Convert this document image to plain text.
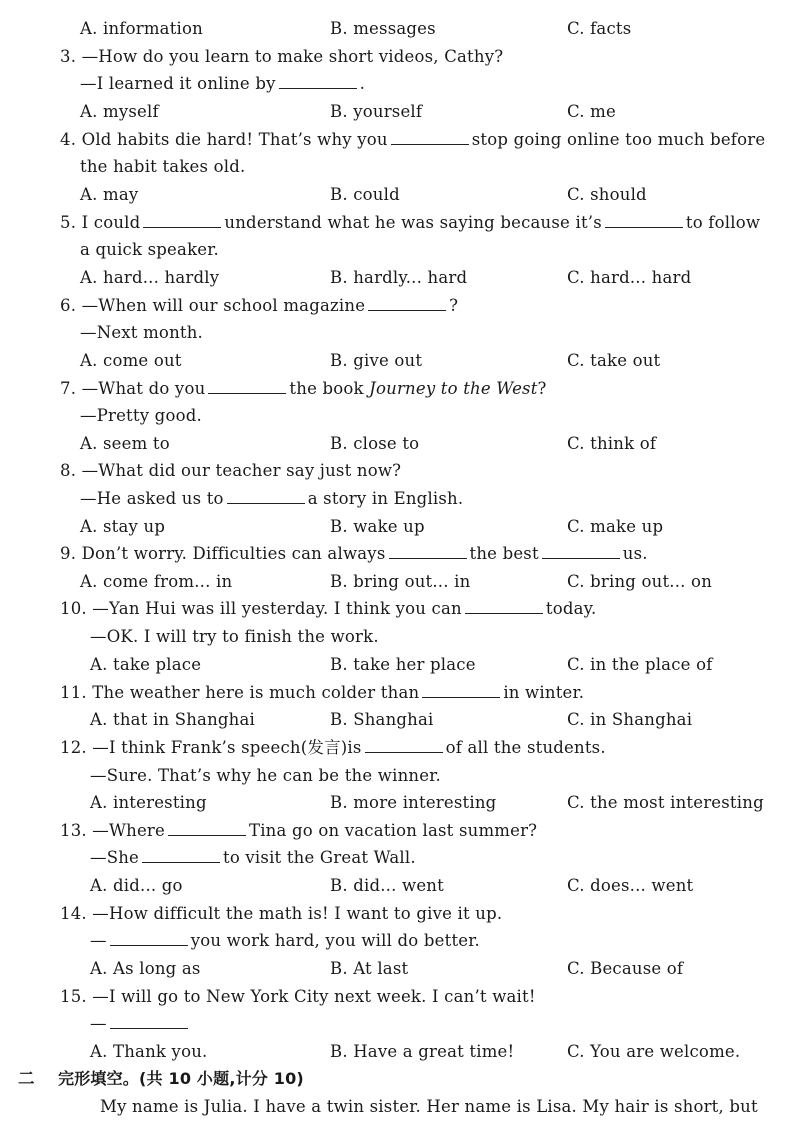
A. information	B. messages	C. facts
3. —How do you learn to make short videos, Cathy?
—I learned it online by	.
A. myself	B. yourself	C. me
4. Old habits die hard! That’s why you	stop going online too much before
the habit takes old.
A. may	B. could	C. should
5. I could	understand what he was saying because it’s	to follow
a quick speaker.
A. hard... hardly	B. hardly... hard	C. hard... hard
6. —When will our school magazine	?
—Next month.
A. come out	B. give out	C. take out
7. —What do you	the book Journey to the West?
—Pretty good.
A. seem to	B. close to	C. think of
8. —What did our teacher say just now?
—He asked us to	a story in English.
A. stay up	B. wake up	C. make up
9. Don’t worry. Difficulties can always	the best	us.
A. come from... in	B. bring out... in	C. bring out... on
10. —Yan Hui was ill yesterday. I think you can	today.
—OK. I will try to finish the work.
A. take place	B. take her place	C. in the place of
11. The weather here is much colder than	in winter.
A. that in Shanghai	B. Shanghai	C. in Shanghai
12. —I think Frank’s speech(发言)is	of all the students.
—Sure. That’s why he can be the winner.
A. interesting	B. more interesting	C. the most interesting
13. —Where	Tina go on vacation last summer?
—She	to visit the Great Wall.
A. did... go	B. did... went	C. does... went
14. —How difficult the math is! I want to give it up.
—	you work hard, you will do better.
A. As long as	B. At last	C. Because of
15. —I will go to New York City next week. I can’t wait!
—
A. Thank you.	B. Have a great time!	C. You are welcome.
二 完形填空。(共 10 小题,计分 10)
My name is Julia. I have a twin sister. Her name is Lisa. My hair is short, but
